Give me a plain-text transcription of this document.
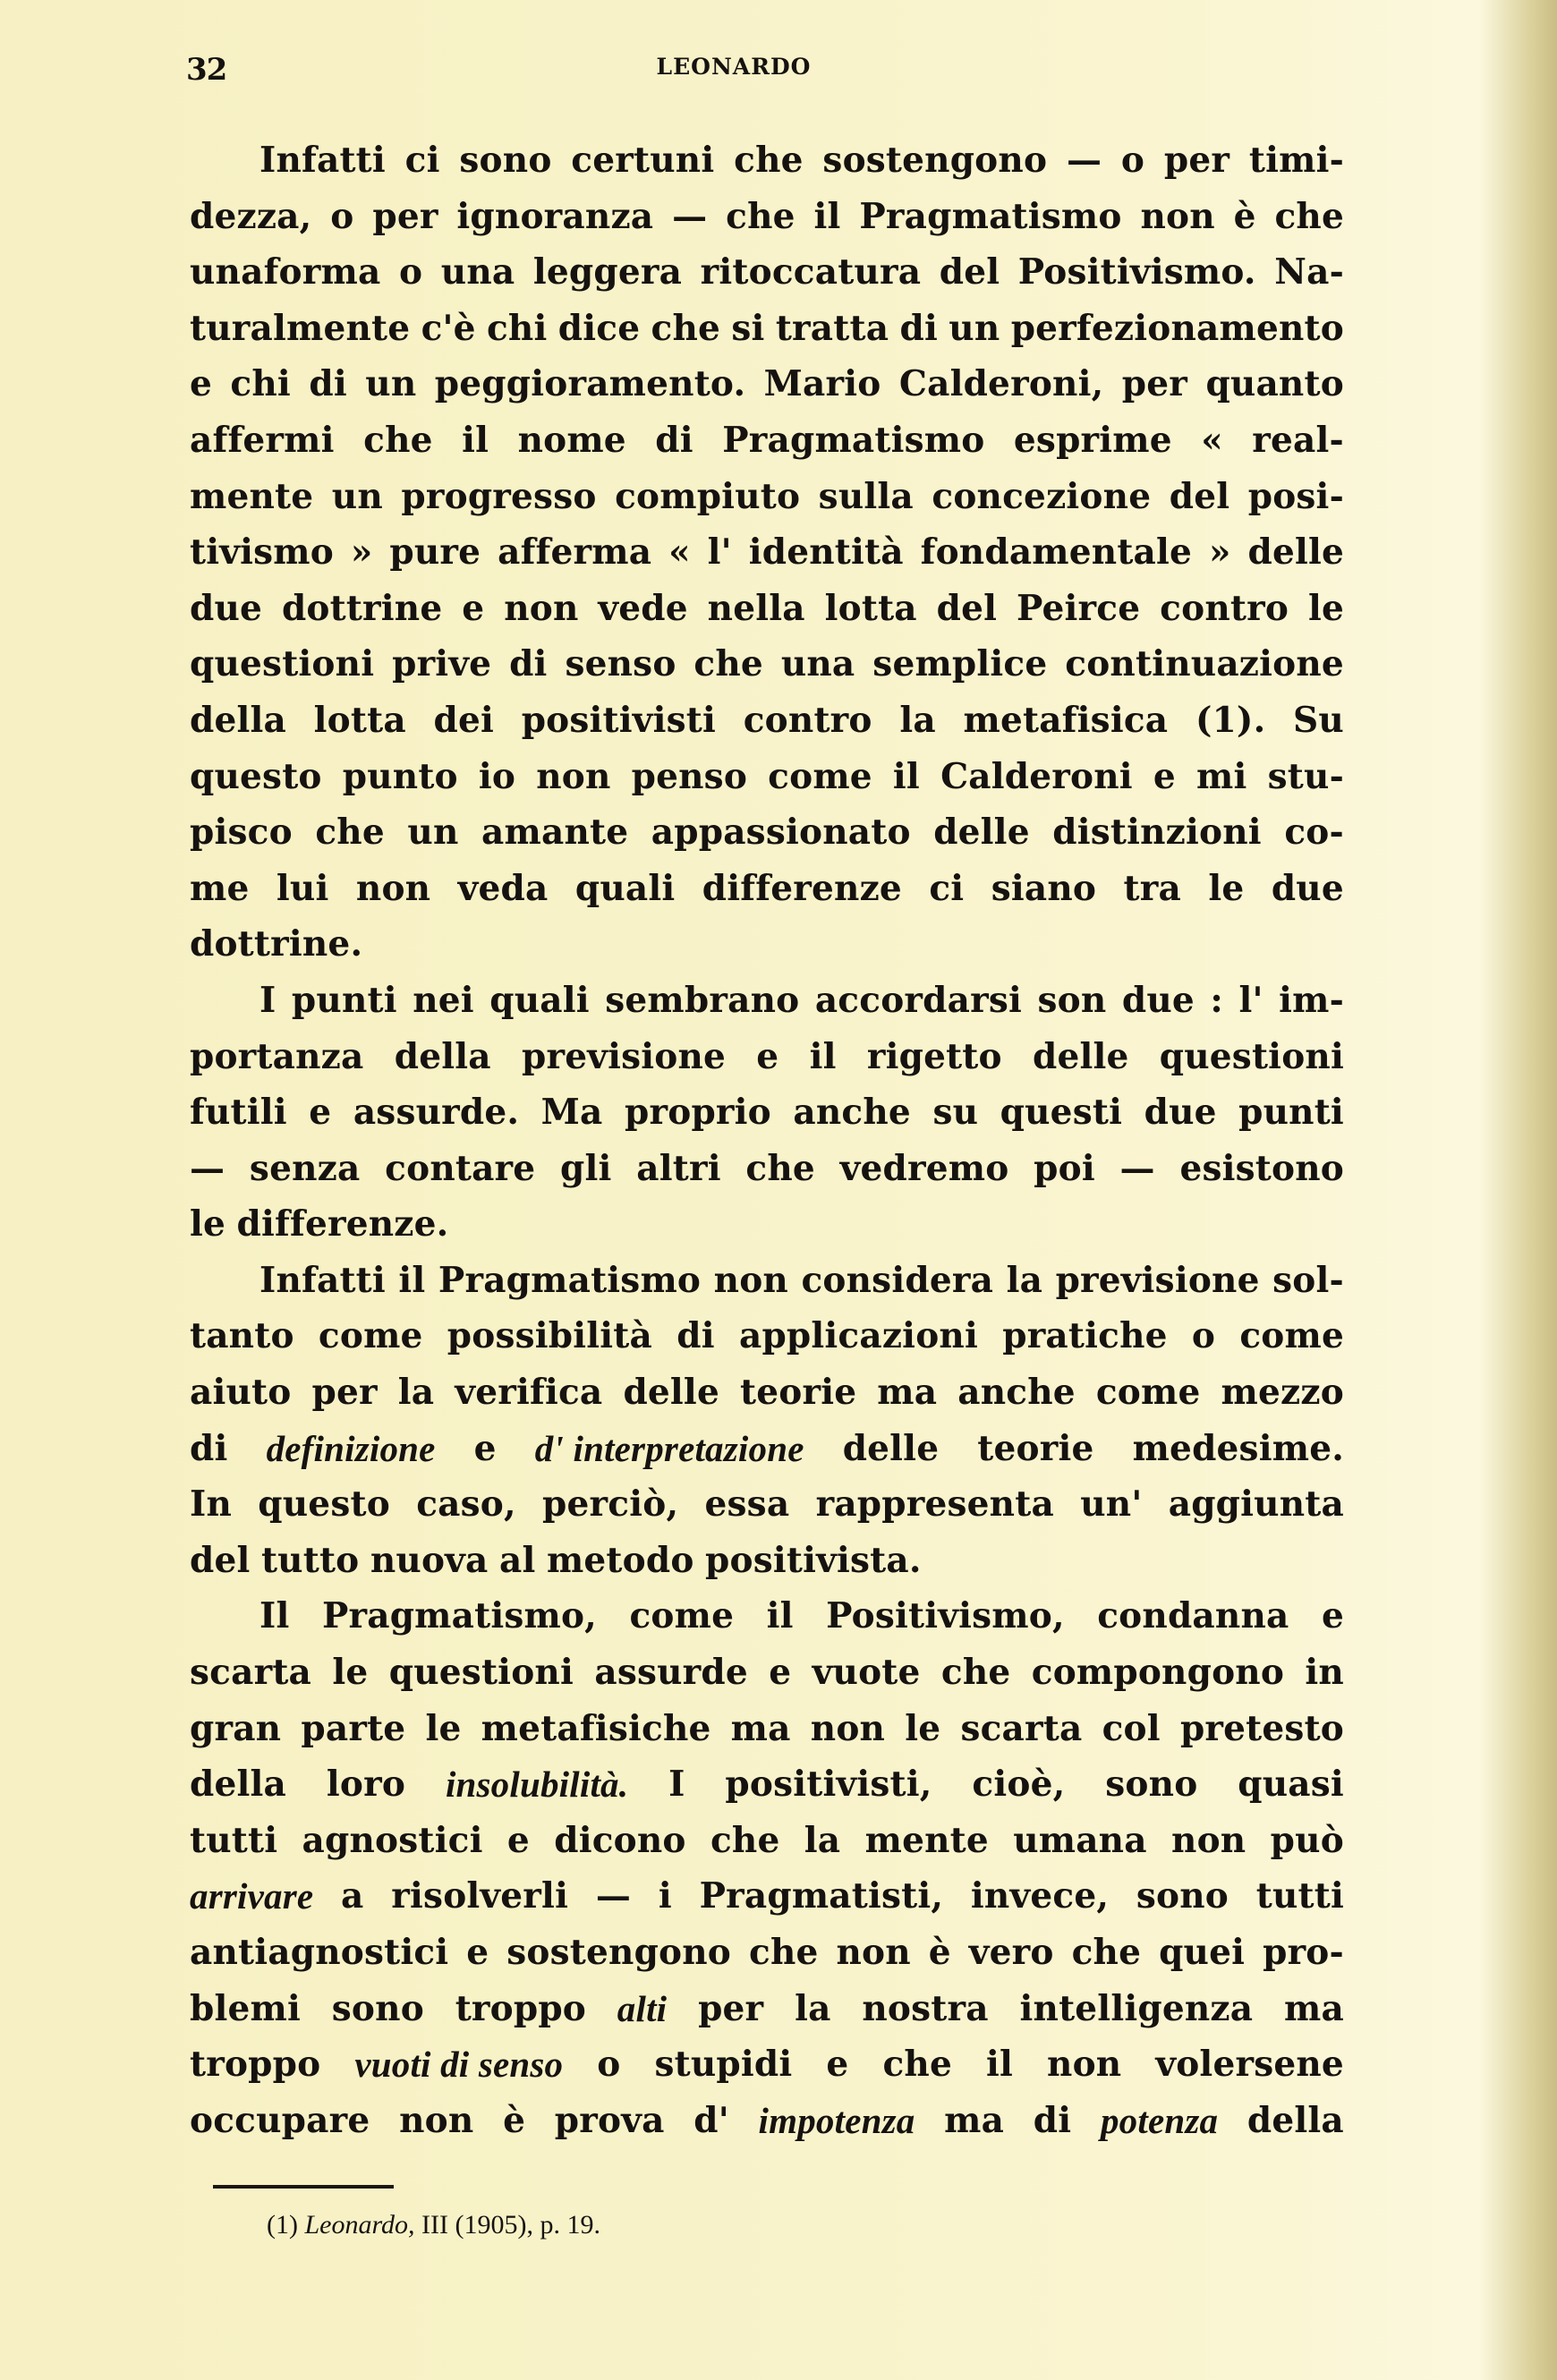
32	LEONARDO
Infatti ci sono certuni che sostengono — o per timi-
dezza, o per ignoranza — che il Pragmatismo non è che
unaforma o una leggera ritoccatura del Positivismo. Na-
turalmente c'è chi dice che si tratta di un perfezionamento
e chi di un peggioramento. Mario Calderoni, per quanto
affermi che il nome di Pragmatismo esprime « real-
mente un progresso compiuto sulla concezione del posi-
tivismo » pure afferma « l' identità fondamentale » delle
due dottrine e non vede nella lotta del Peirce contro le
questioni prive di senso che una semplice continuazione
della lotta dei positivisti contro la metafisica (1). Su
questo punto io non penso come il Calderoni e mi stu-
pisco che un amante appassionato delle distinzioni co-
me lui non veda quali differenze ci siano tra le due
dottrine.
I punti nei quali sembrano accordarsi son due : l' im-
portanza della previsione e il rigetto delle questioni
futili e assurde. Ma proprio anche su questi due punti
— senza contare gli altri che vedremo poi — esistono
le differenze.
Infatti il Pragmatismo non considera la previsione sol-
tanto come possibilità di applicazioni pratiche o come
aiuto per la verifica delle teorie ma anche come mezzo
di definizione e d' interpretazione delle teorie medesime.
In questo caso, perciò, essa rappresenta un' aggiunta
del tutto nuova al metodo positivista.
Il Pragmatismo, come il Positivismo, condanna e
scarta le questioni assurde e vuote che compongono in
gran parte le metafisiche ma non le scarta col pretesto
della loro insolubilità. I positivisti, cioè, sono quasi
tutti agnostici e dicono che la mente umana non può
arrivare a risolverli — i Pragmatisti, invece, sono tutti
antiagnostici e sostengono che non è vero che quei pro-
blemi sono troppo alti per la nostra intelligenza ma
troppo vuoti di senso o stupidi e che il non volersene
occupare non è prova d' impotenza ma di potenza della
(1) Leonardo, III (1905), p. 19.
